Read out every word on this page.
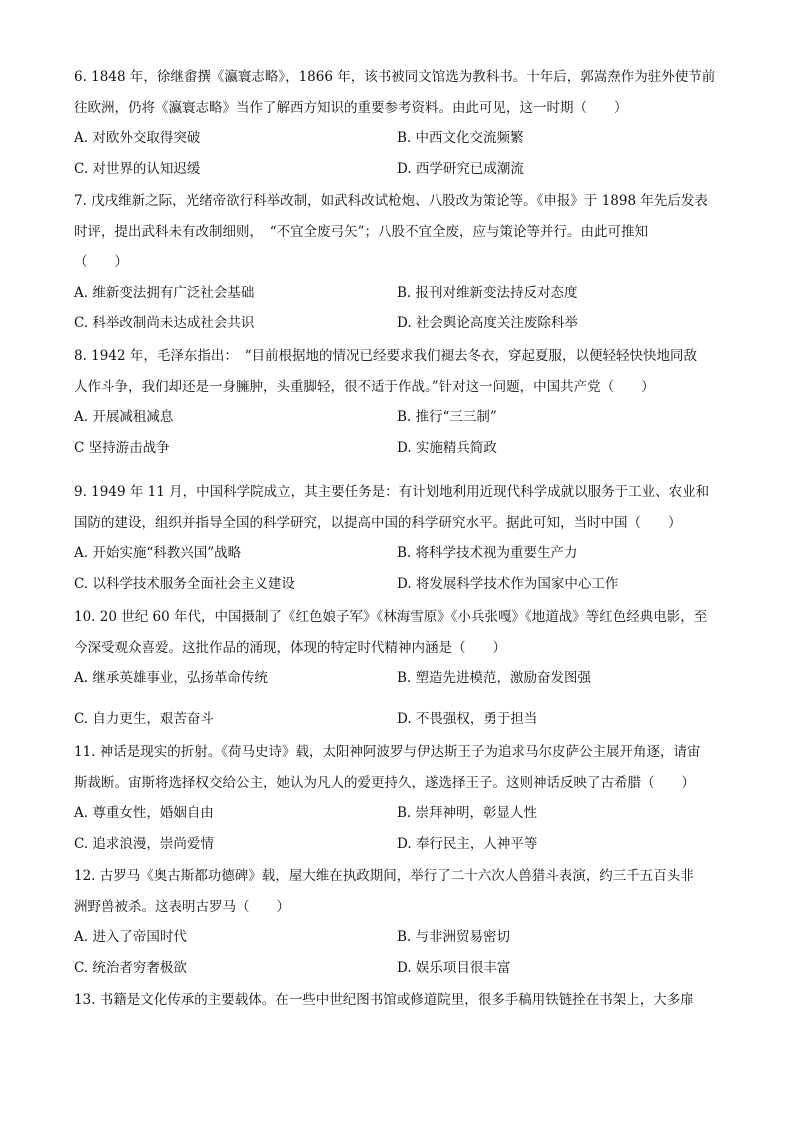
6. 1848 年，徐继畬撰《瀛寰志略》，1866 年，该书被同文馆选为教科书。十年后，郭嵩焘作为驻外使节前
往欧洲，仍将《瀛寰志略》当作了解西方知识的重要参考资料。由此可见，这一时期（　　）
A. 对欧外交取得突破	B. 中西文化交流频繁
C. 对世界的认知迟缓	D. 西学研究已成潮流
7. 戊戌维新之际，光绪帝欲行科举改制，如武科改试枪炮、八股改为策论等。《申报》于 1898 年先后发表
时评，提出武科未有改制细则，　“不宜全废弓矢”；八股不宜全废，应与策论等并行。由此可推知
（　　）
A. 维新变法拥有广泛社会基础	B. 报刊对维新变法持反对态度
C. 科举改制尚未达成社会共识	D. 社会舆论高度关注废除科举
8. 1942 年，毛泽东指出：　“目前根据地的情况已经要求我们褪去冬衣，穿起夏服，以便轻轻快快地同敌
人作斗争，我们却还是一身臃肿，头重脚轻，很不适于作战。”针对这一问题，中国共产党（　　）
A. 开展减租减息	B. 推行“三三制”
C 坚持游击战争	D. 实施精兵简政
9. 1949 年 11 月，中国科学院成立，其主要任务是：有计划地利用近现代科学成就以服务于工业、农业和
国防的建设，组织并指导全国的科学研究，以提高中国的科学研究水平。据此可知，当时中国（　　）
A. 开始实施“科教兴国”战略	B. 将科学技术视为重要生产力
C. 以科学技术服务全面社会主义建设	D. 将发展科学技术作为国家中心工作
10. 20 世纪 60 年代，中国摄制了《红色娘子军》《林海雪原》《小兵张嘎》《地道战》等红色经典电影，至
今深受观众喜爱。这批作品的涌现，体现的特定时代精神内涵是（　　）
A. 继承英雄事业，弘扬革命传统	B. 塑造先进模范，激励奋发图强
C. 自力更生，艰苦奋斗	D. 不畏强权，勇于担当
11. 神话是现实的折射。《荷马史诗》载，太阳神阿波罗与伊达斯王子为追求马尔皮萨公主展开角逐，请宙
斯裁断。宙斯将选择权交给公主，她认为凡人的爱更持久，遂选择王子。这则神话反映了古希腊（　　）
A. 尊重女性，婚姻自由	B. 崇拜神明，彰显人性
C. 追求浪漫，崇尚爱情	D. 奉行民主，人神平等
12. 古罗马《奥古斯都功德碑》载，屋大维在执政期间，举行了二十六次人兽猎斗表演，约三千五百头非
洲野兽被杀。这表明古罗马（　　）
A. 进入了帝国时代	B. 与非洲贸易密切
C. 统治者穷奢极欲	D. 娱乐项目很丰富
13. 书籍是文化传承的主要载体。在一些中世纪图书馆或修道院里，很多手稿用铁链拴在书架上，大多扉
